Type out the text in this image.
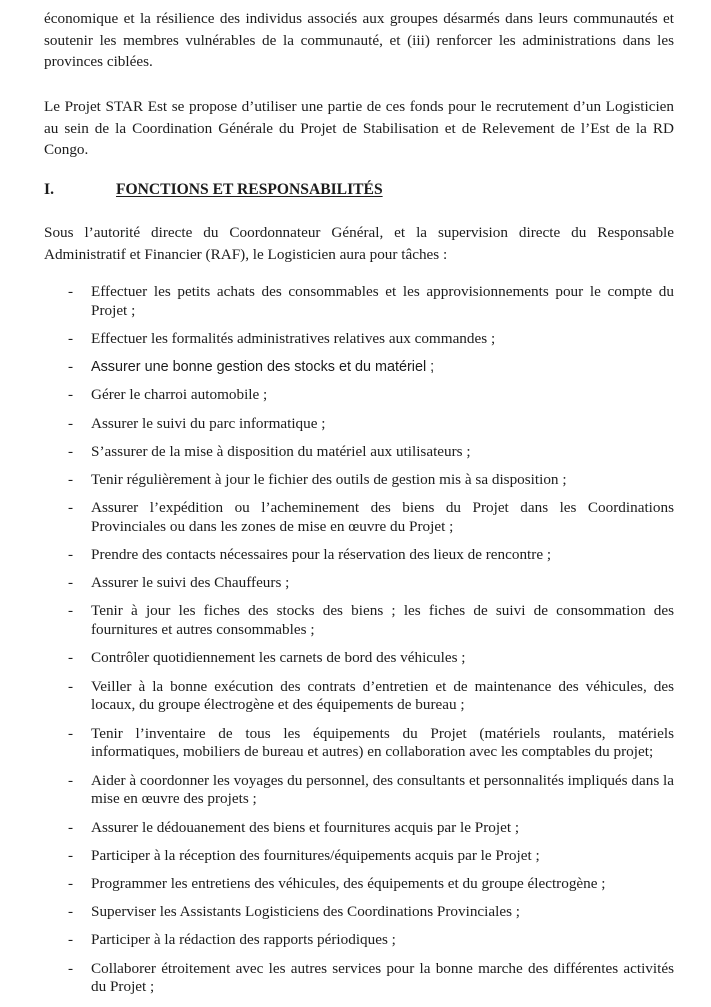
économique et la résilience des individus associés aux groupes désarmés dans leurs communautés et soutenir les membres vulnérables de la communauté, et (iii) renforcer les administrations dans les provinces ciblées.

Le Projet STAR Est se propose d’utiliser une partie de ces fonds pour le recrutement d’un Logisticien au sein de la Coordination Générale du Projet de Stabilisation et de Relevement de l’Est de la RD Congo.

I.	FONCTIONS ET RESPONSABILITÉS

Sous l’autorité directe du Coordonnateur Général, et la supervision directe du Responsable Administratif et Financier (RAF), le Logisticien aura pour tâches :

-	Effectuer les petits achats des consommables et les approvisionnements pour le compte du Projet ;
-	Effectuer les formalités administratives relatives aux commandes ;
-	Assurer une bonne gestion des stocks et du matériel ;
-	Gérer le charroi automobile ;
-	Assurer le suivi du parc informatique ;
-	S’assurer de la mise à disposition du matériel aux utilisateurs ;
-	Tenir régulièrement à jour le fichier des outils de gestion mis à sa disposition ;
-	Assurer l’expédition ou l’acheminement des biens du Projet dans les Coordinations Provinciales ou dans les zones de mise en œuvre du Projet ;
-	Prendre des contacts nécessaires pour la réservation des lieux de rencontre ;
-	Assurer le suivi des Chauffeurs ;
-	Tenir à jour les fiches des stocks des biens ; les fiches de suivi de consommation des fournitures et autres consommables ;
-	Contrôler quotidiennement les carnets de bord des véhicules ;
-	Veiller à la bonne exécution des contrats d’entretien et de maintenance des véhicules, des locaux, du groupe électrogène et des équipements de bureau ;
-	Tenir l’inventaire de tous les équipements du Projet (matériels roulants, matériels informatiques, mobiliers de bureau et autres) en collaboration avec les comptables du projet;
-	Aider à coordonner les voyages du personnel, des consultants et personnalités impliqués dans la mise en œuvre des projets ;
-	Assurer le dédouanement des biens et fournitures acquis par le Projet ;
-	Participer à la réception des fournitures/équipements acquis par le Projet ;
-	Programmer les entretiens des véhicules, des équipements et du groupe électrogène ;
-	Superviser les Assistants Logisticiens des Coordinations Provinciales ;
-	Participer à la rédaction des rapports périodiques ;
-	Collaborer étroitement avec les autres services pour la bonne marche des différentes activités du Projet ;
